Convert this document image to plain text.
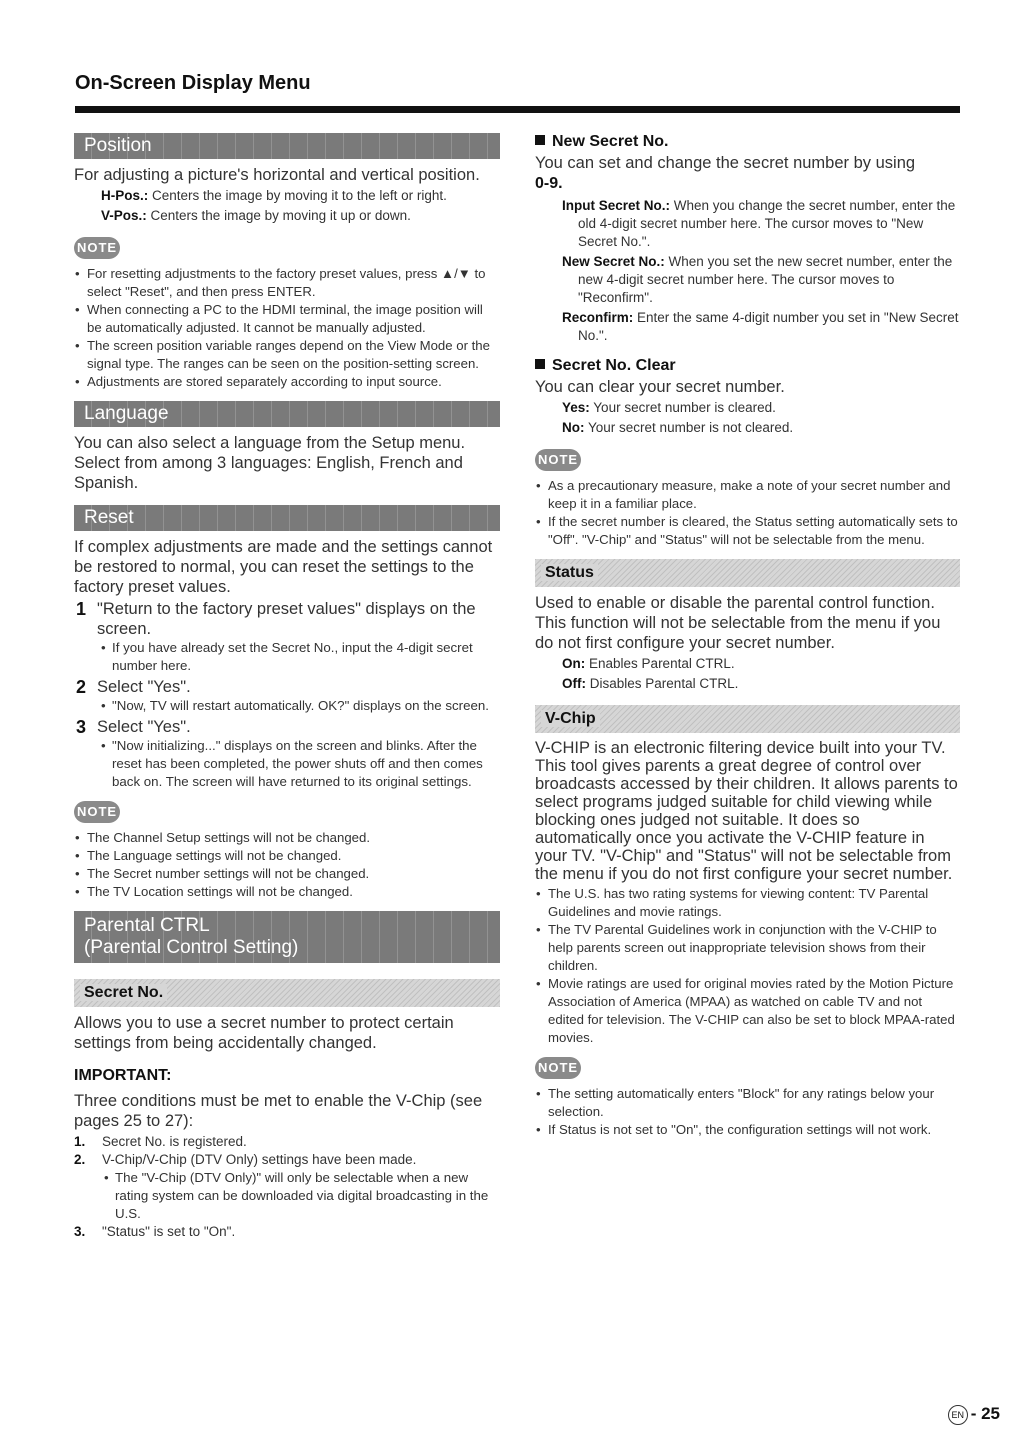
On-Screen Display Menu
Position

For adjusting a picture's horizontal and vertical position.

H-Pos.: Centers the image by moving it to the left or right.
V-Pos.: Centers the image by moving it up or down.
NOTE
• For resetting adjustments to the factory preset values, press ▲/▼ to select "Reset", and then press ENTER.
• When connecting a PC to the HDMI terminal, the image position will be automatically adjusted. It cannot be manually adjusted.
• The screen position variable ranges depend on the View Mode or the signal type. The ranges can be seen on the position-setting screen.
• Adjustments are stored separately according to input source.
Language

You can also select a language from the Setup menu. Select from among 3 languages: English, French and Spanish.

Reset

If complex adjustments are made and the settings cannot be restored to normal, you can reset the settings to the factory preset values.

1 "Return to the factory preset values" displays on the screen.
• If you have already set the Secret No., input the 4-digit secret number here.
2 Select "Yes".
• "Now, TV will restart automatically. OK?" displays on the screen.
3 Select "Yes".
• "Now initializing..." displays on the screen and blinks. After the reset has been completed, the power shuts off and then comes back on. The screen will have returned to its original settings.
NOTE
• The Channel Setup settings will not be changed.
• The Language settings will not be changed.
• The Secret number settings will not be changed.
• The TV Location settings will not be changed.
Parental CTRL
(Parental Control Setting)
Secret No.

Allows you to use a secret number to protect certain settings from being accidentally changed.

IMPORTANT:

Three conditions must be met to enable the V-Chip (see pages 25 to 27):

1. Secret No. is registered.
2. V-Chip/V-Chip (DTV Only) settings have been made.
• The "V-Chip (DTV Only)" will only be selectable when a new rating system can be downloaded via digital broadcasting in the U.S.
3. "Status" is set to "On".
New Secret No.

You can set and change the secret number by using

0-9.
Input Secret No.: When you change the secret number, enter the old 4-digit secret number here. The cursor moves to "New Secret No.".
New Secret No.: When you set the new secret number, enter the new 4-digit secret number here. The cursor moves to "Reconfirm".
Reconfirm: Enter the same 4-digit number you set in "New Secret No.".
Secret No. Clear

You can clear your secret number.

Yes: Your secret number is cleared.
No: Your secret number is not cleared.
NOTE
• As a precautionary measure, make a note of your secret number and keep it in a familiar place.
• If the secret number is cleared, the Status setting automatically sets to "Off". "V-Chip" and "Status" will not be selectable from the menu.
Status

Used to enable or disable the parental control function. This function will not be selectable from the menu if you do not first configure your secret number.

On: Enables Parental CTRL.
Off: Disables Parental CTRL.
V-Chip

V-CHIP is an electronic filtering device built into your TV. This tool gives parents a great degree of control over broadcasts accessed by their children. It allows parents to select programs judged suitable for child viewing while blocking ones judged not suitable. It does so automatically once you activate the V-CHIP feature in your TV. "V-Chip" and "Status" will not be selectable from the menu if you do not first configure your secret number.

• The U.S. has two rating systems for viewing content: TV Parental Guidelines and movie ratings.
• The TV Parental Guidelines work in conjunction with the V-CHIP to help parents screen out inappropriate television shows from their children.
• Movie ratings are used for original movies rated by the Motion Picture Association of America (MPAA) as watched on cable TV and not edited for television. The V-CHIP can also be set to block MPAA-rated movies.
NOTE
• The setting automatically enters "Block" for any ratings below your selection.
• If Status is not set to "On", the configuration settings will not work.
EN - 25
